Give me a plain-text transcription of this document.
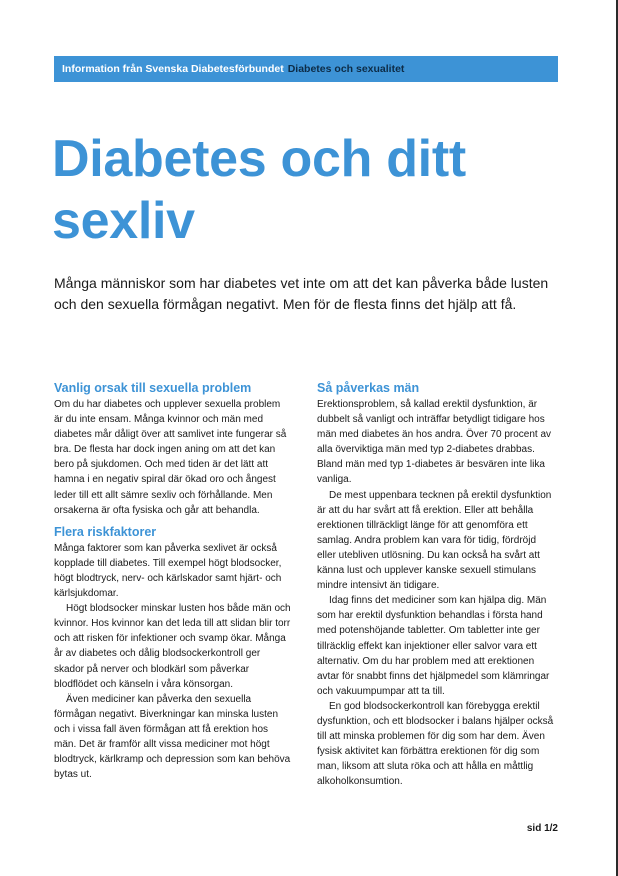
Information från Svenska Diabetesförbundet Diabetes och sexualitet
Diabetes och ditt sexliv

Många människor som har diabetes vet inte om att det kan påverka både lusten och den sexuella förmågan negativt. Men för de flesta finns det hjälp att få.

Vanlig orsak till sexuella problem

Om du har diabetes och upplever sexuella problem är du inte ensam. Många kvinnor och män med diabetes mår dåligt över att samlivet inte fungerar så bra. De flesta har dock ingen aning om att det kan bero på sjukdomen. Och med tiden är det lätt att hamna i en negativ spiral där ökad oro och ångest leder till ett allt sämre sexliv och förhållande. Men orsakerna är ofta fysiska och går att behandla.

Flera riskfaktorer

Många faktorer som kan påverka sexlivet är också kopplade till diabetes. Till exempel högt blodsocker, högt blodtryck, nerv- och kärlskador samt hjärt- och kärlsjukdomar.

Högt blodsocker minskar lusten hos både män och kvinnor. Hos kvinnor kan det leda till att slidan blir torr och att risken för infektioner och svamp ökar. Många år av diabetes och dålig blodsockerkontroll ger skador på nerver och blodkärl som påverkar blodflödet och känseln i våra könsorgan.

Även mediciner kan påverka den sexuella förmågan negativt. Biverkningar kan minska lusten och i vissa fall även förmågan att få erektion hos män. Det är framför allt vissa mediciner mot högt blodtryck, kärlkramp och depression som kan behöva bytas ut.

Så påverkas män

Erektionsproblem, så kallad erektil dysfunktion, är dubbelt så vanligt och inträffar betydligt tidigare hos män med diabetes än hos andra. Över 70 procent av alla överviktiga män med typ 2-diabetes drabbas. Bland män med typ 1-diabetes är besvären inte lika vanliga.

De mest uppenbara tecknen på erektil dysfunktion är att du har svårt att få erektion. Eller att behålla erektionen tillräckligt länge för att genomföra ett samlag. Andra problem kan vara för tidig, fördröjd eller utebliven utlösning. Du kan också ha svårt att känna lust och upplever kanske sexuell stimulans mindre intensivt än tidigare.

Idag finns det mediciner som kan hjälpa dig. Män som har erektil dysfunktion behandlas i första hand med potenshöjande tabletter. Om tabletter inte ger tillräcklig effekt kan injektioner eller salvor vara ett alternativ. Om du har problem med att erektionen avtar för snabbt finns det hjälpmedel som klämringar och vakuumpumpar att ta till.

En god blodsockerkontroll kan förebygga erektil dysfunktion, och ett blodsocker i balans hjälper också till att minska problemen för dig som har dem. Även fysisk aktivitet kan förbättra erektionen för dig som man, liksom att sluta röka och att hålla en måttlig alkoholkonsumtion.

sid 1/2
